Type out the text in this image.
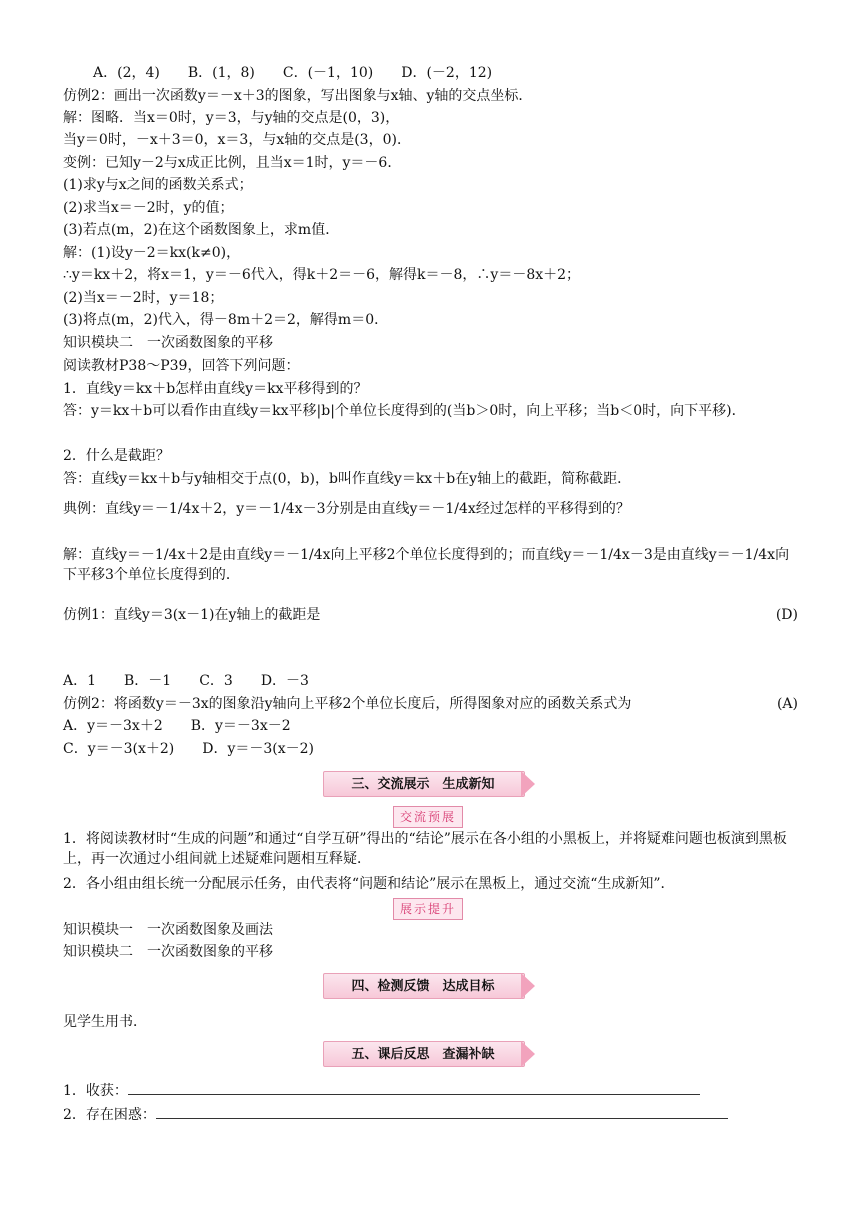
A．(2，4)　　B．(1，8)　　C．(－1，10)　　D．(－2，12)
仿例2：画出一次函数y＝－x＋3的图象，写出图象与x轴、y轴的交点坐标．
解：图略．当x＝0时，y＝3，与y轴的交点是(0，3)，
当y＝0时，－x＋3＝0，x＝3，与x轴的交点是(3，0)．
变例：已知y－2与x成正比例，且当x＝1时，y＝－6．
(1)求y与x之间的函数关系式；
(2)求当x＝－2时，y的值；
(3)若点(m，2)在这个函数图象上，求m值．
解：(1)设y－2＝kx(k≠0)，
∴y＝kx＋2，将x＝1，y＝－6代入，得k＋2＝－6，解得k＝－8，∴y＝－8x＋2；
(2)当x＝－2时，y＝18；
(3)将点(m，2)代入，得－8m＋2＝2，解得m＝0．
知识模块二　一次函数图象的平移
阅读教材P38～P39，回答下列问题：
1．直线y＝kx＋b怎样由直线y＝kx平移得到的？
答：y＝kx＋b可以看作由直线y＝kx平移|b|个单位长度得到的(当b＞0时，向上平移；当b＜0时，向下平移)．
2．什么是截距？
答：直线y＝kx＋b与y轴相交于点(0，b)，b叫作直线y＝kx＋b在y轴上的截距，简称截距．
典例：直线y＝－1/4x＋2，y＝－1/4x－3分别是由直线y＝－1/4x经过怎样的平移得到的？
解：直线y＝－1/4x＋2是由直线y＝－1/4x向上平移2个单位长度得到的；而直线y＝－1/4x－3是由直线y＝－1/4x向下平移3个单位长度得到的．
仿例1：直线y＝3(x－1)在y轴上的截距是	(D)
A．1　　B．－1　　C．3　　D．－3
仿例2：将函数y＝－3x的图象沿y轴向上平移2个单位长度后，所得图象对应的函数关系式为	(A)
A．y＝－3x＋2　　B．y＝－3x－2
C．y＝－3(x＋2)　　D．y＝－3(x－2)
三、交流展示　生成新知
交流预展
1．将阅读教材时“生成的问题”和通过“自学互研”得出的“结论”展示在各小组的小黑板上，并将疑难问题也板演到黑板上，再一次通过小组间就上述疑难问题相互释疑．
2．各小组由组长统一分配展示任务，由代表将“问题和结论”展示在黑板上，通过交流“生成新知”．
展示提升
知识模块一　一次函数图象及画法
知识模块二　一次函数图象的平移
四、检测反馈　达成目标
见学生用书．
五、课后反思　查漏补缺
1．收获：
2．存在困惑：
